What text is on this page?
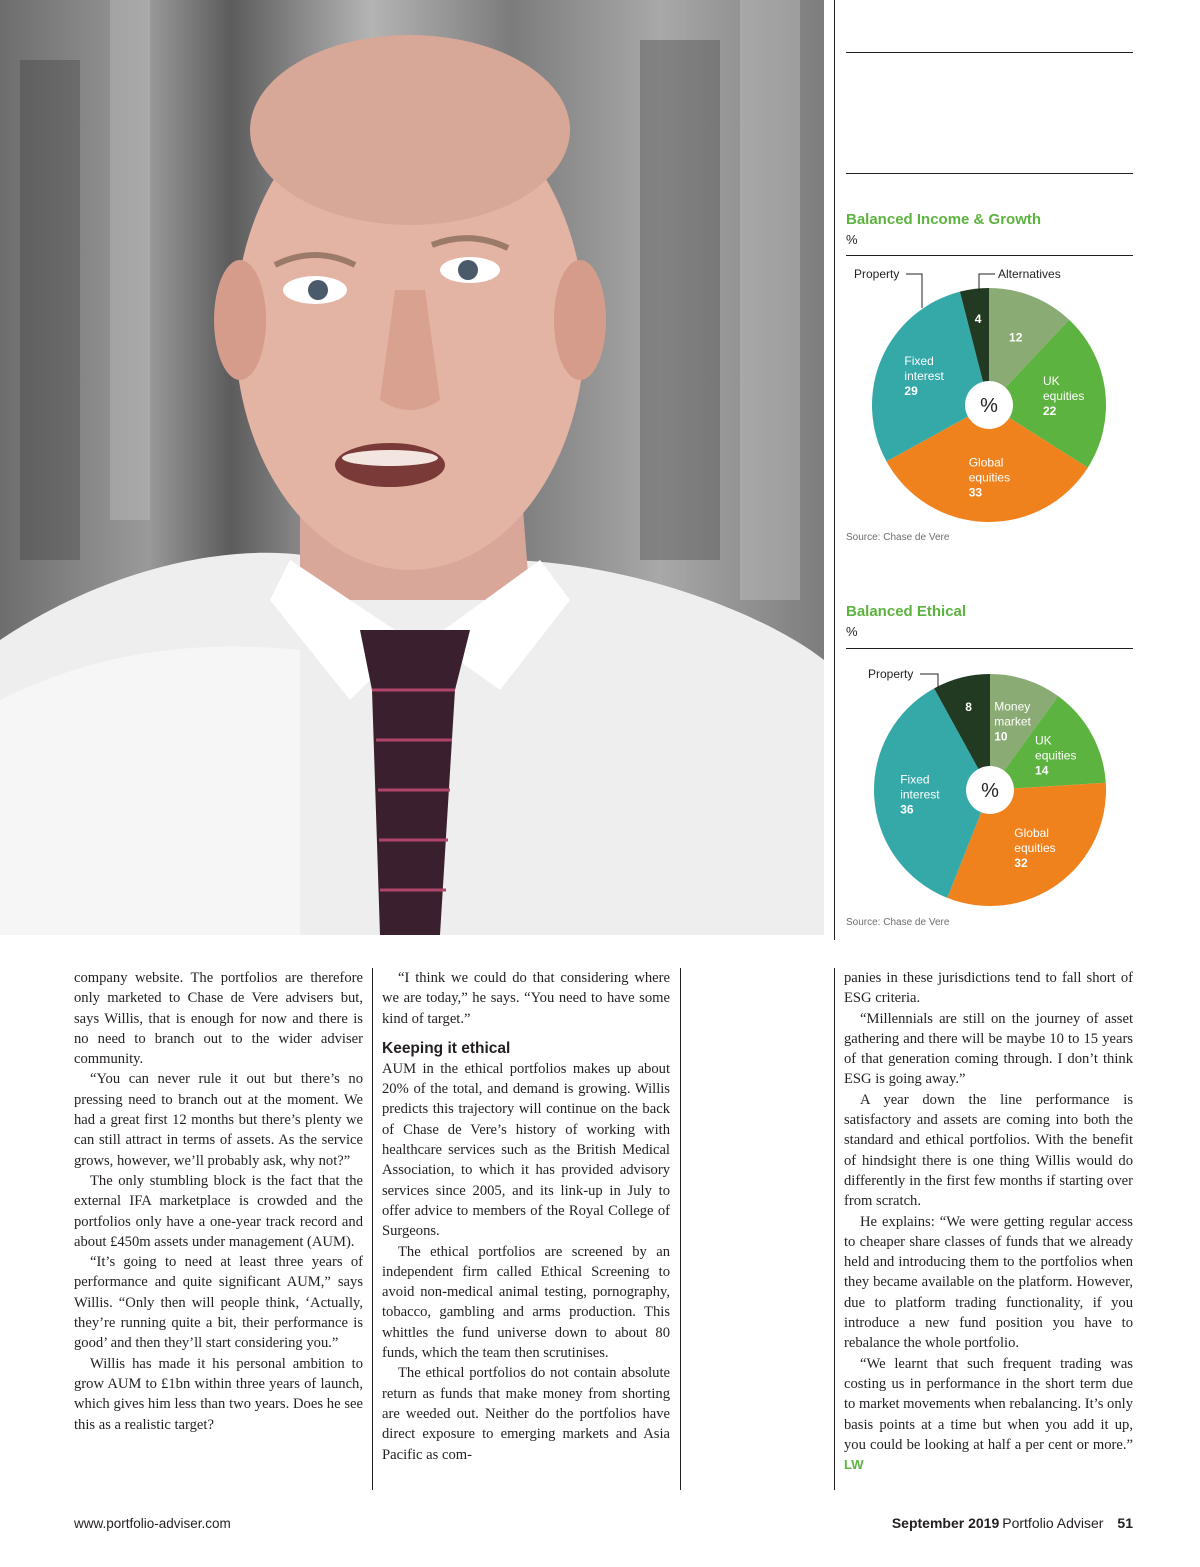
Balanced Income & Growth
%
12
UK
equities
22
Global
equities
33
Fixed
interest
29
4
%
Property	Alternatives
Source: Chase de Vere
Balanced Ethical
%
Money
market
10 UK
equities
14
Global
equities
32
Fixed
interest
36
8
%
Property
Source: Chase de Vere

company website. The portfolios are therefore only marketed to Chase de Vere advisers but, says Willis, that is enough for now and there is no need to branch out to the wider adviser community.

“You can never rule it out but there’s no pressing need to branch out at the moment. We had a great first 12 months but there’s plenty we can still attract in terms of assets. As the service grows, however, we’ll probably ask, why not?”

The only stumbling block is the fact that the external IFA marketplace is crowded and the portfolios only have a one-year track record and about £450m assets under management (AUM).

“It’s going to need at least three years of performance and quite significant AUM,” says Willis. “Only then will people think, ‘Actually, they’re running quite a bit, their performance is good’ and then they’ll start considering you.”

Willis has made it his personal ambition to grow AUM to £1bn within three years of launch, which gives him less than two years. Does he see this as a realistic target?

“I think we could do that considering where we are today,” he says. “You need to have some kind of target.”

Keeping it ethical

AUM in the ethical portfolios makes up about 20% of the total, and demand is growing. Willis predicts this trajectory will continue on the back of Chase de Vere’s history of working with healthcare services such as the British Medical Association, to which it has provided advisory services since 2005, and its link-up in July to offer advice to members of the Royal College of Surgeons.

The ethical portfolios are screened by an independent firm called Ethical Screening to avoid non-medical animal testing, pornography, tobacco, gambling and arms production. This whittles the fund universe down to about 80 funds, which the team then scrutinises.

The ethical portfolios do not contain absolute return as funds that make money from shorting are weeded out. Neither do the portfolios have direct exposure to emerging markets and Asia Pacific as com-

panies in these jurisdictions tend to fall short of ESG criteria.

“Millennials are still on the journey of asset gathering and there will be maybe 10 to 15 years of that generation coming through. I don’t think ESG is going away.”

A year down the line performance is satisfactory and assets are coming into both the standard and ethical portfolios. With the benefit of hindsight there is one thing Willis would do differently in the first few months if starting over from scratch.

He explains: “We were getting regular access to cheaper share classes of funds that we already held and introducing them to the portfolios when they became available on the platform. However, due to platform trading functionality, if you introduce a new fund position you have to rebalance the whole portfolio.

“We learnt that such frequent trading was costing us in performance in the short term due to market movements when rebalancing. It’s only basis points at a time but when you add it up, you could be looking at half a per cent or more.” LW

www.portfolio-adviser.com	September 2019 Portfolio Adviser 51
